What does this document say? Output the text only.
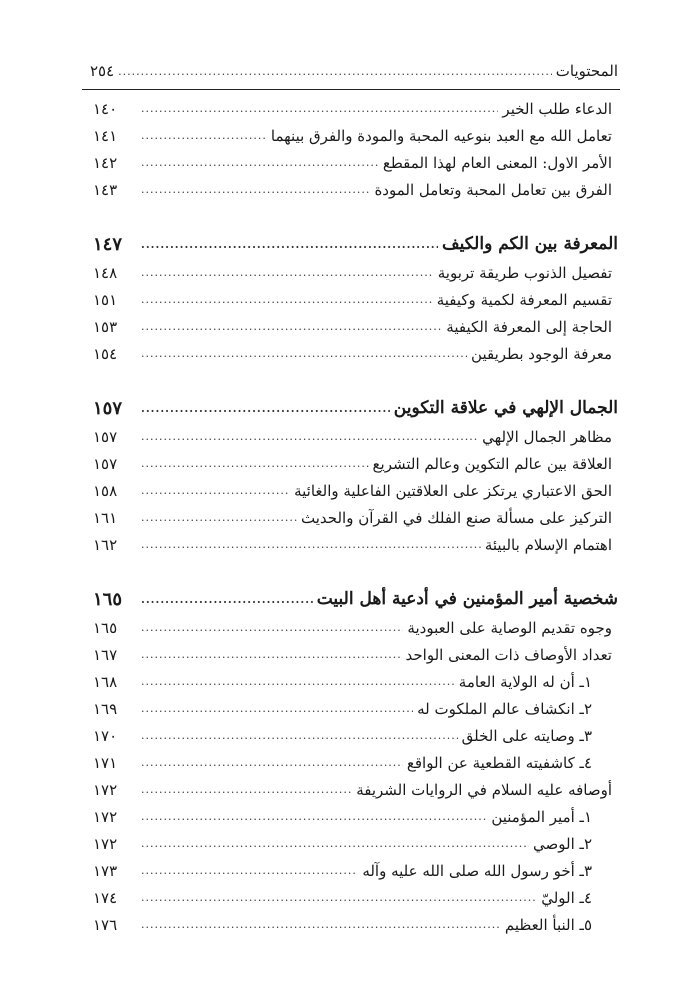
المحتويات
.....
٢٥٤
الدعاء طلب الخير
.....
١٤٠
تعامل الله مع العبد بنوعيه المحبة والمودة والفرق بينهما
.....
١٤١
الأمر الاول: المعنى العام لهذا المقطع
.....
١٤٢
الفرق بين تعامل المحبة وتعامل المودة
.....
١٤٣
المعرفة بين الكم والكيف
.....
١٤٧
تفصيل الذنوب طريقة تربوية
.....
١٤٨
تقسيم المعرفة لكمية وكيفية
.....
١٥١
الحاجة إلى المعرفة الكيفية
.....
١٥٣
معرفة الوجود بطريقين
.....
١٥٤
الجمال الإلهي في علاقة التكوين
.....
١٥٧
مظاهر الجمال الإلهي
.....
١٥٧
العلاقة بين عالم التكوين وعالم التشريع
.....
١٥٧
الحق الاعتباري يرتكز على العلاقتين الفاعلية والغائية
.....
١٥٨
التركيز على مسألة صنع الفلك في القرآن والحديث
.....
١٦١
اهتمام الإسلام بالبيئة
.....
١٦٢
شخصية أمير المؤمنين في أدعية أهل البيت
.....
١٦٥
وجوه تقديم الوصاية على العبودية
.....
١٦٥
تعداد الأوصاف ذات المعنى الواحد
.....
١٦٧
١ـ أن له الولاية العامة
.....
١٦٨
٢ـ انكشاف عالم الملكوت له
.....
١٦٩
٣ـ وصايته على الخلق
.....
١٧٠
٤ـ كاشفيته القطعية عن الواقع
.....
١٧١
أوصافه عليه السلام في الروايات الشريفة
.....
١٧٢
١ـ أمير المؤمنين
.....
١٧٢
٢ـ الوصي
.....
١٧٢
٣ـ أخو رسول الله صلى الله عليه وآله
.....
١٧٣
٤ـ الوليّ
.....
١٧٤
٥ـ النبأ العظيم
.....
١٧٦
